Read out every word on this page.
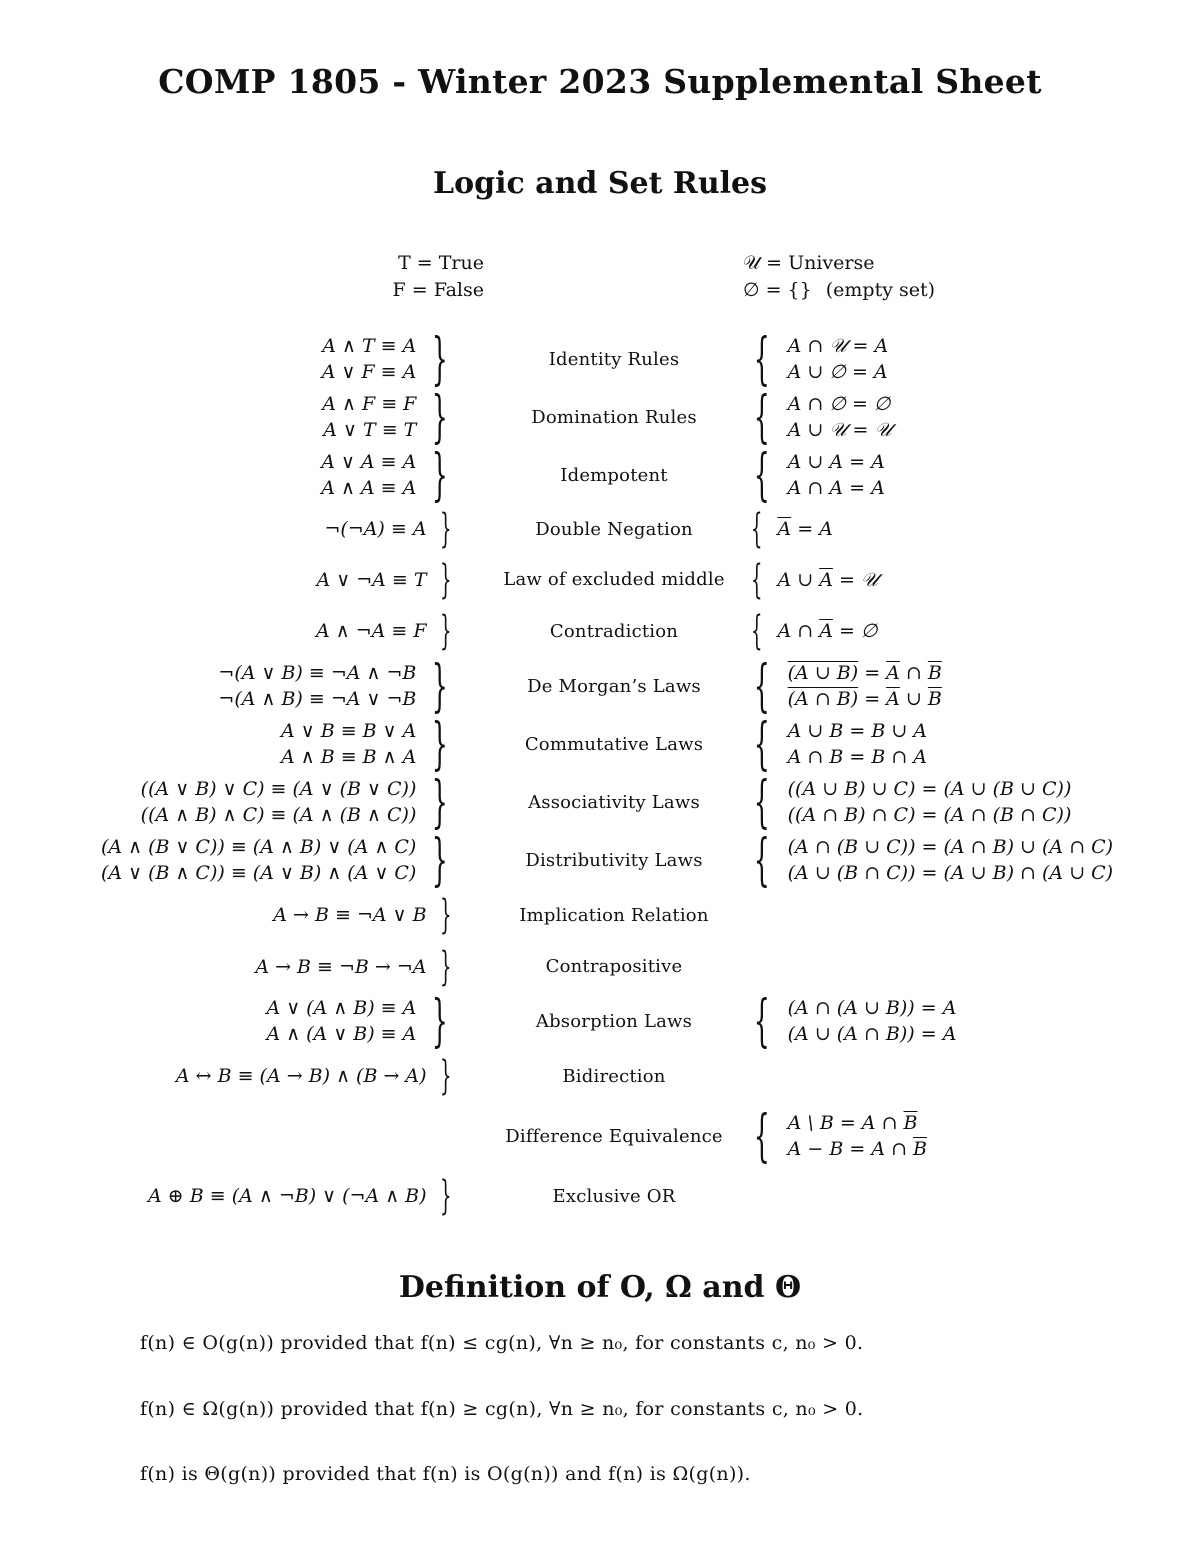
COMP 1805 - Winter 2023 Supplemental Sheet
Logic and Set Rules
T = True
F = False
𝒰 = Universe
∅ = {} (empty set)
A ∧ T ≡ A
A ∨ F ≡ A }	Identity Rules	{ A ∩ 𝒰 = A
A ∪ ∅ = A
A ∧ F ≡ F
A ∨ T ≡ T }	Domination Rules	{ A ∩ ∅ = ∅
A ∪ 𝒰 = 𝒰
A ∨ A ≡ A
A ∧ A ≡ A }	Idempotent	{ A ∪ A = A
A ∩ A = A
¬(¬A) ≡ A }	Double Negation	{ $\overline{A} = A$
A ∨ ¬A ≡ T }	Law of excluded middle { A ∪ $\overline{A}$ = 𝒰
A ∧ ¬A ≡ F }	Contradiction	{ A ∩ $\overline{A}$ = ∅
¬(A ∨ B) ≡ ¬A ∧ ¬B
¬(A ∧ B) ≡ ¬A ∨ ¬B }	De Morgan’s Laws { (A ∪ $B) = \overline{A}$ ∩ $\overline{B}$
(A ∩ $B) = \overline{A}$ ∪ $\overline{B}$
A ∨ B ≡ B ∨ A
A ∧ B ≡ B ∧ A }	Commutative Laws { A ∪ B = B ∪ A
A ∩ B = B ∩ A
((A ∨ B) ∨ C) ≡ (A ∨ (B ∨ C))
((A ∧ B) ∧ C) ≡ (A ∧ (B ∧ C)) }	Associativity Laws { ((A ∪ B) ∪ C) = (A ∪ (B ∪ C))
((A ∩ B) ∩ C) = (A ∩ (B ∩ C))
(A ∧ (B ∨ C)) ≡ (A ∧ B) ∨ (A ∧ C)
(A ∨ (B ∧ C)) ≡ (A ∨ B) ∧ (A ∨ C) }	Distributivity Laws { (A ∩ (B ∪ C)) = (A ∩ B) ∪ (A ∩ C)
(A ∪ (B ∩ C)) = (A ∪ B) ∩ (A ∪ C)
A → B ≡ ¬A ∨ B }	Implication Relation
A → B ≡ ¬B → ¬A }	Contrapositive
A ∨ (A ∧ B) ≡ A
A ∧ (A ∨ B) ≡ A }	Absorption Laws	{ (A ∩ (A ∪ B)) = A
(A ∪ (A ∩ B)) = A
A ↔ B ≡ (A → B) ∧ (B → A) }	Bidirection
Difference Equivalence { A \ B = A ∩ $\overline{B}$
A − B = A ∩ $\overline{B}$
A ⊕ B ≡ (A ∧ ¬B) ∨ (¬A ∧ B) }	Exclusive OR
Definition of O, Ω and Θ
f(n) ∈ O(g(n)) provided that f(n) ≤ cg(n), ∀n ≥ n₀, for constants c, n₀ > 0.
f(n) ∈ Ω(g(n)) provided that f(n) ≥ cg(n), ∀n ≥ n₀, for constants c, n₀ > 0.
f(n) is Θ(g(n)) provided that f(n) is O(g(n)) and f(n) is Ω(g(n)).
